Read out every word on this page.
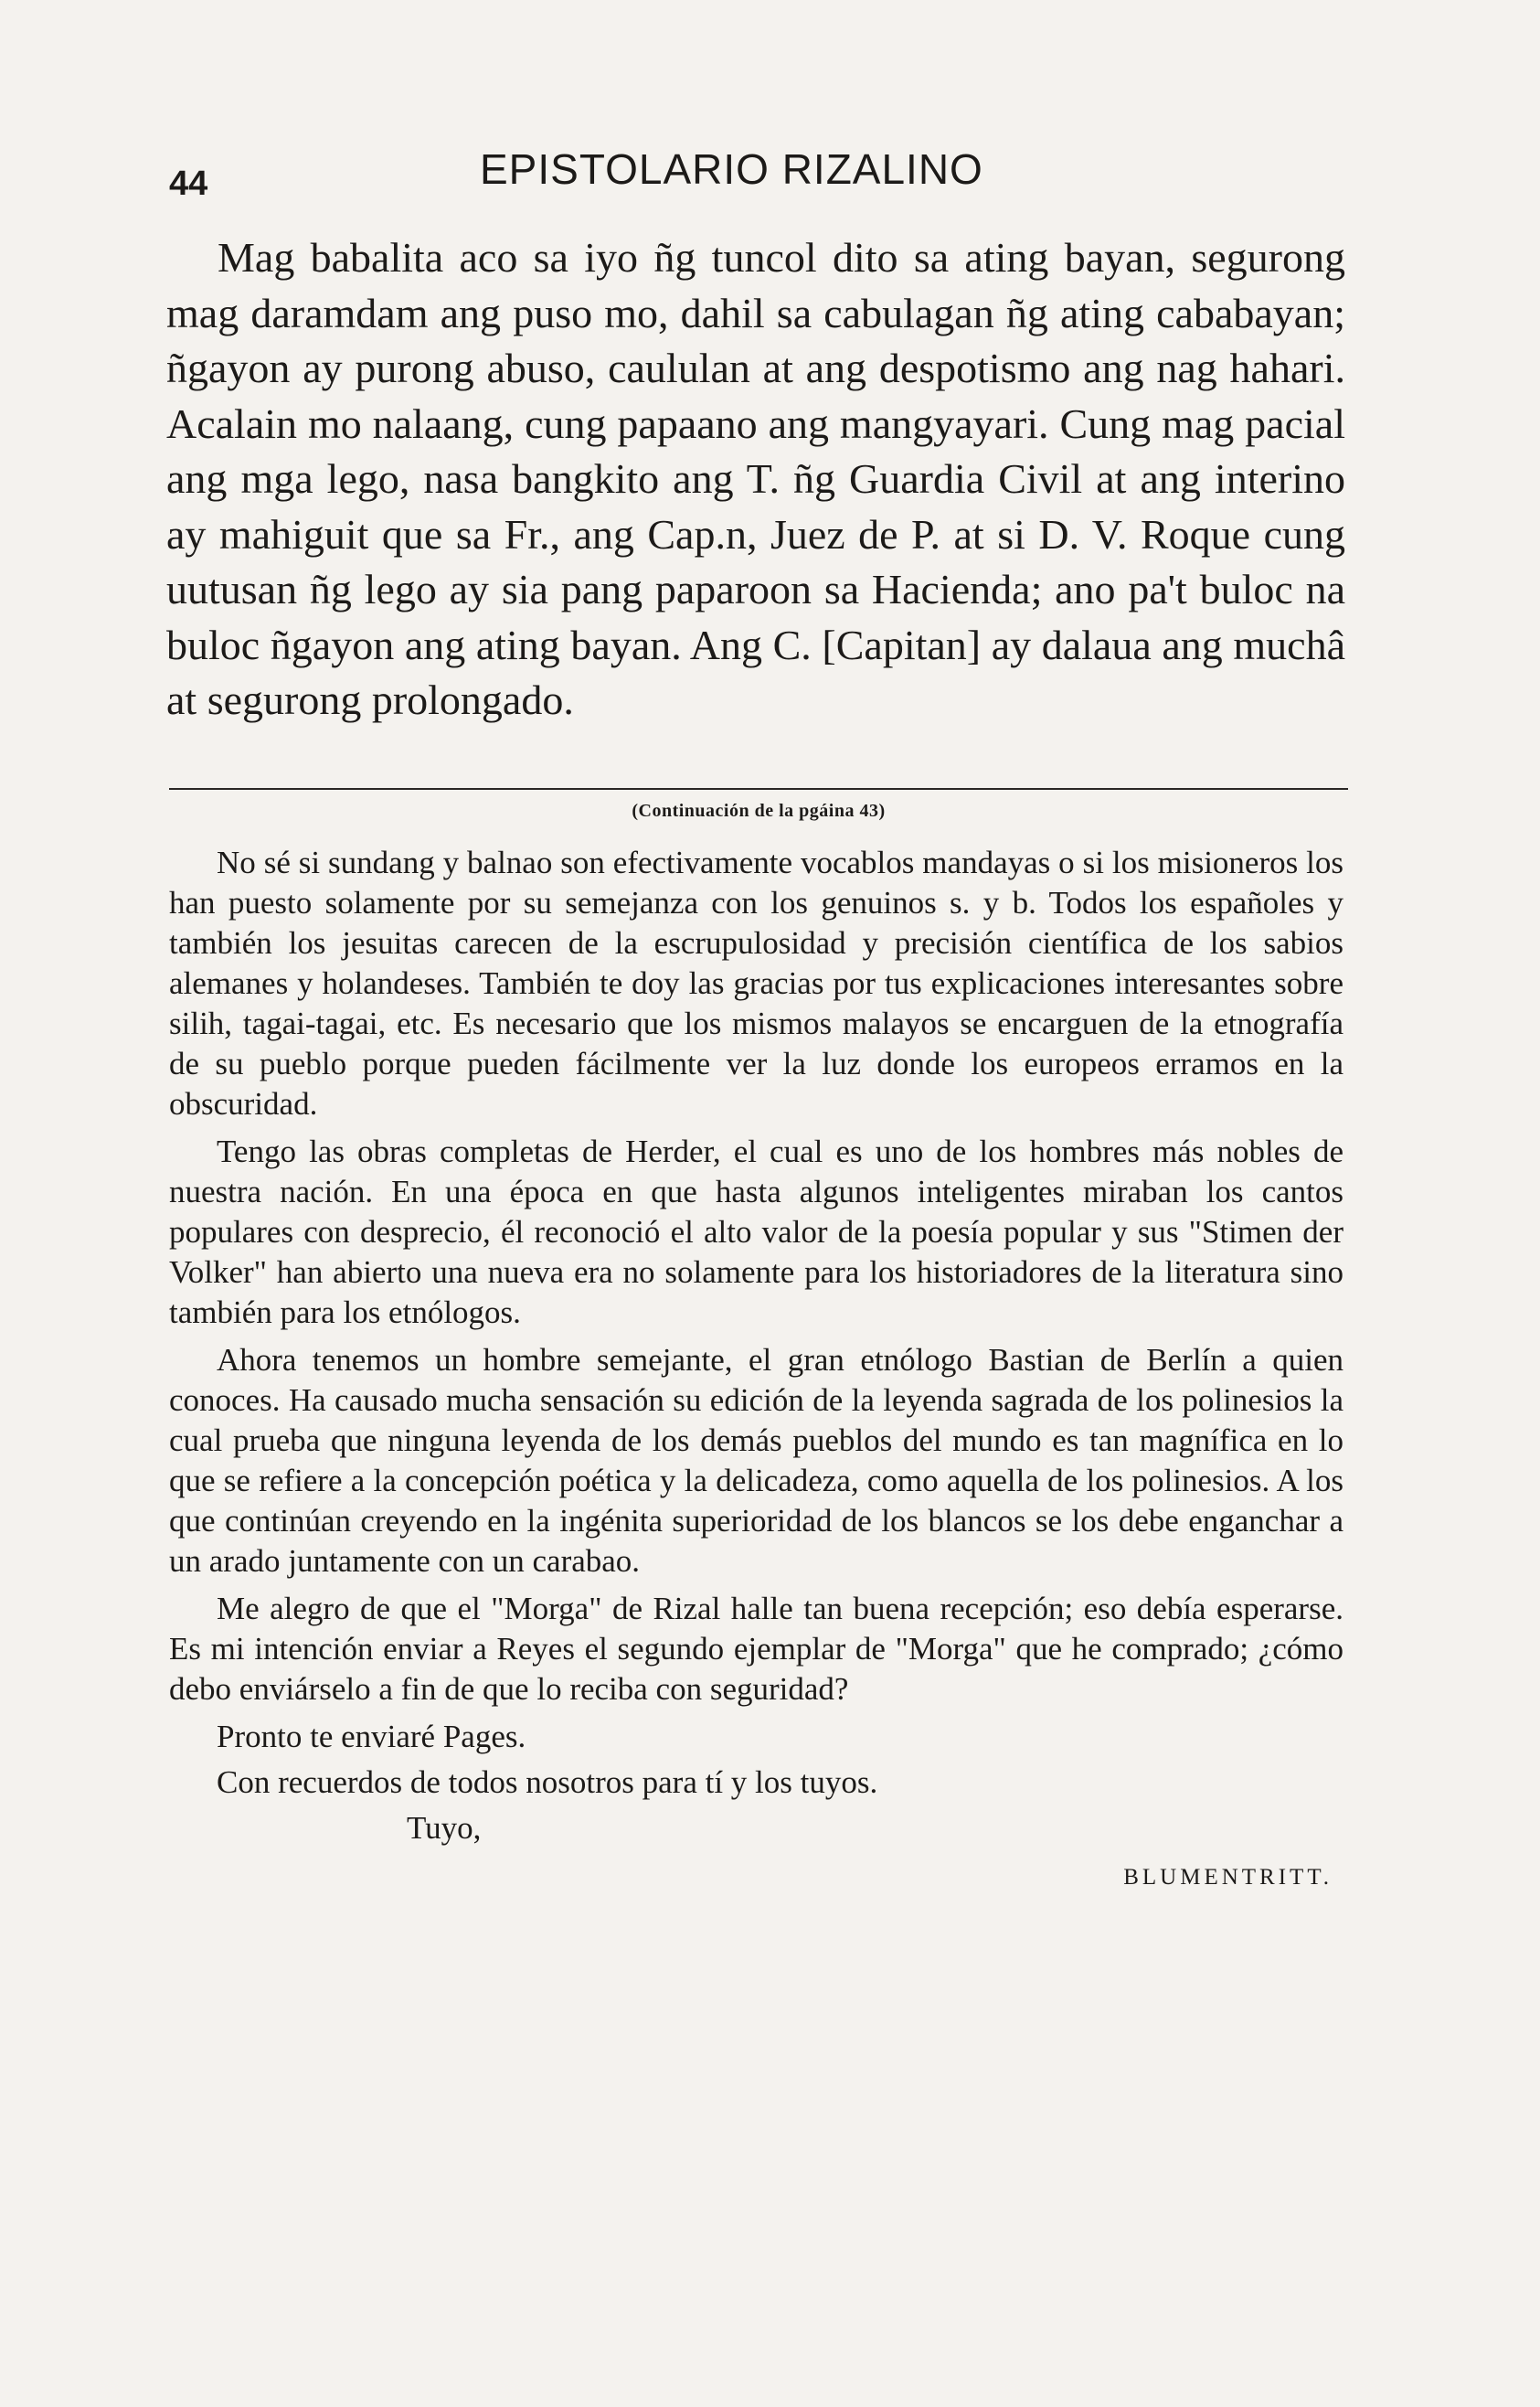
44	EPISTOLARIO RIZALINO

Mag babalita aco sa iyo ñg tuncol dito sa ating bayan, segurong mag daramdam ang puso mo, dahil sa cabulagan ñg ating cababayan; ñgayon ay purong abuso, caululan at ang despotismo ang nag hahari. Acalain mo nalaang, cung papaano ang mangyayari. Cung mag pacial ang mga lego, nasa bangkito ang T. ñg Guardia Civil at ang interino ay mahiguit que sa Fr., ang Cap.n, Juez de P. at si D. V. Roque cung uutusan ñg lego ay sia pang paparoon sa Hacienda; ano pa't buloc na buloc ñgayon ang ating bayan. Ang C. [Capitan] ay dalaua ang muchâ at segurong prolongado.

(Continuación de la pgáina 43)

No sé si sundang y balnao son efectivamente vocablos mandayas o si los misioneros los han puesto solamente por su semejanza con los genuinos s. y b. Todos los españoles y también los jesuitas carecen de la escrupulosidad y precisión científica de los sabios alemanes y holandeses. También te doy las gracias por tus explicaciones interesantes sobre silih, tagai-tagai, etc. Es necesario que los mismos malayos se encarguen de la etnografía de su pueblo porque pueden fácilmente ver la luz donde los europeos erramos en la obscuridad.

Tengo las obras completas de Herder, el cual es uno de los hombres más nobles de nuestra nación. En una época en que hasta algunos inteligentes miraban los cantos populares con desprecio, él reconoció el alto valor de la poesía popular y sus "Stimen der Volker" han abierto una nueva era no solamente para los historiadores de la literatura sino también para los etnólogos.

Ahora tenemos un hombre semejante, el gran etnólogo Bastian de Berlín a quien conoces. Ha causado mucha sensación su edición de la leyenda sagrada de los polinesios la cual prueba que ninguna leyenda de los demás pueblos del mundo es tan magnífica en lo que se refiere a la concepción poética y la delicadeza, como aquella de los polinesios. A los que continúan creyendo en la ingénita superioridad de los blancos se los debe enganchar a un arado juntamente con un carabao.

Me alegro de que el "Morga" de Rizal halle tan buena recepción; eso debía esperarse. Es mi intención enviar a Reyes el segundo ejemplar de "Morga" que he comprado; ¿cómo debo enviárselo a fin de que lo reciba con seguridad?

Pronto te enviaré Pages.
Con recuerdos de todos nosotros para tí y los tuyos.
Tuyo,
BLUMENTRITT.
